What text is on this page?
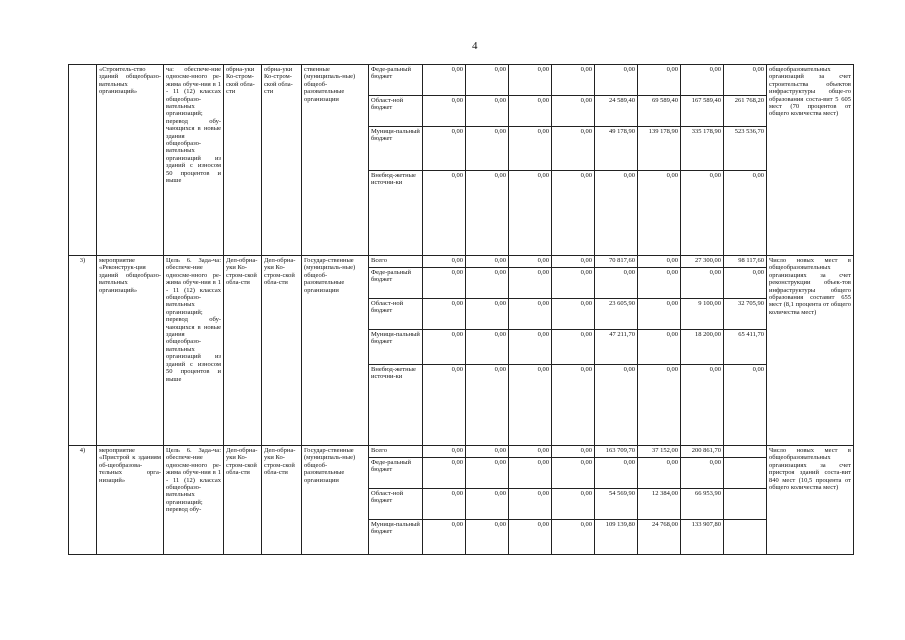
4
	«Строитель-ство зданий общеобразо-вательных организаций»	ча: обеспече-ние односме-нного ре-жима обуче-ния в 1 - 11 (12) классах общеобразо-вательных организаций; перевод обу-чающихся в новые здания общеобразо-вательных организаций из зданий с износом 50 процентов и выше	обрна-уки Ко-стром-ской обла-сти	обрна-уки Ко-стром-ской обла-сти	ственные (муниципаль-ные) общеоб-разовательные организации	Феде-ральный бюджет	0,00	0,00	0,00	0,00	0,00	0,00	0,00	0,00	общеобразовательных организаций за счет строительства объектов инфраструктуры обще-го образования соста-вит 5 605 мест (70 процентов от общего количества мест)
						Област-ной бюджет	0,00	0,00	0,00	0,00	24 589,40	69 589,40	167 589,40	261 768,20	
						Муници-пальный бюджет	0,00	0,00	0,00	0,00	49 178,90	139 178,90	335 178,90	523 536,70	
						Внебюд-жетные источни-ки	0,00	0,00	0,00	0,00	0,00	0,00	0,00	0,00	
3)	мероприятие «Реконструк-ция зданий общеобразо-вательных организаций»	Цель 6. Зада-ча: обеспече-ние односме-нного ре-жима обуче-ния в 1 - 11 (12) классах общеобразо-вательных организаций; перевод обу-чающихся в новые здания общеобразо-вательных организаций из зданий с износом 50 процентов и выше	Деп-обрна-уки Ко-стром-ской обла-сти	Деп-обрна-уки Ко-стром-ской обла-сти	Государ-ственные (муниципаль-ные) общеоб-разовательные организации	Всего	0,00	0,00	0,00	0,00	70 817,60	0,00	27 300,00	98 117,60	Число новых мест в общеобразовательных организациях за счет реконструкции объек-тов инфраструктуры общего образования составит 655 мест (8,1 процента от общего количества мест)
						Феде-ральный бюджет	0,00	0,00	0,00	0,00	0,00	0,00	0,00	0,00	
						Област-ной бюджет	0,00	0,00	0,00	0,00	23 605,90	0,00	9 100,00	32 705,90	
						Муници-пальный бюджет	0,00	0,00	0,00	0,00	47 211,70	0,00	18 200,00	65 411,70	
						Внебюд-жетные источни-ки	0,00	0,00	0,00	0,00	0,00	0,00	0,00	0,00	
4)	мероприятие «Пристрой к зданиям об-щеобразова-тельных орга-низаций»	Цель 6. Зада-ча: обеспече-ние односме-нного ре-жима обуче-ния в 1 - 11 (12) классах общеобразо-вательных организаций; перевод обу-	Деп-обрна-уки Ко-стром-ской обла-сти	Деп-обрна-уки Ко-стром-ской обла-сти	Государ-ственные (муниципаль-ные) общеоб-разовательные организации	Всего	0,00	0,00	0,00	0,00	163 709,70	37 152,00	200 861,70		Число новых мест в общеобразовательных организациях за счет пристроя зданий соста-вит 840 мест (10,5 процента от общего количества мест)
						Феде-ральный бюджет	0,00	0,00	0,00	0,00	0,00	0,00	0,00		
						Област-ной бюджет	0,00	0,00	0,00	0,00	54 569,90	12 384,00	66 953,90		
						Муници-пальный бюджет	0,00	0,00	0,00	0,00	109 139,80	24 768,00	133 907,80		
